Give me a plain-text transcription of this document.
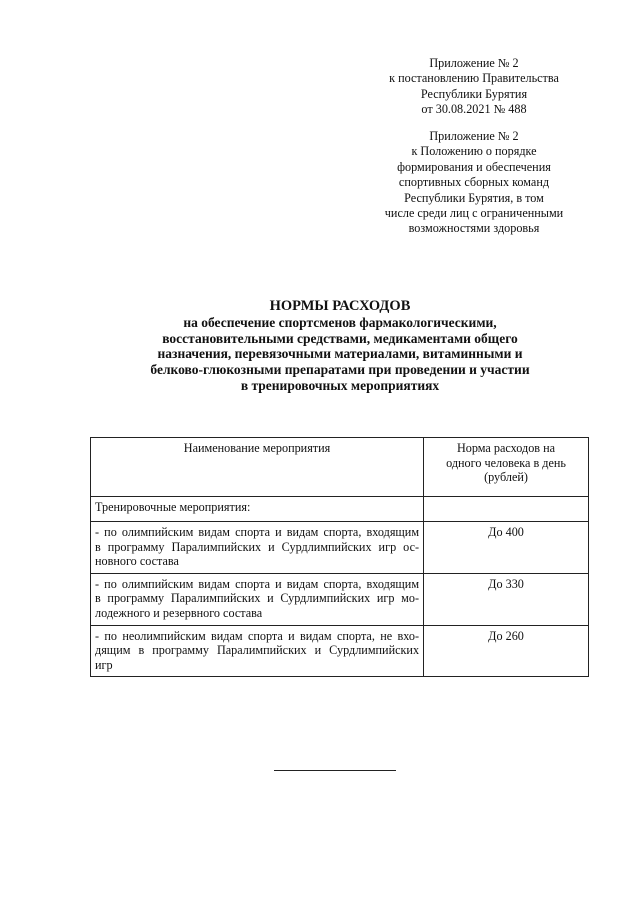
Приложение № 2
к постановлению Правительства
Республики Бурятия
от 30.08.2021 № 488
Приложение № 2
к Положению о порядке
формирования и обеспечения
спортивных сборных команд
Республики Бурятия, в том
числе среди лиц с ограниченными
возможностями здоровья
НОРМЫ РАСХОДОВ
на обеспечение спортсменов фармакологическими,
восстановительными средствами, медикаментами общего
назначения, перевязочными материалами, витаминными и
белково-глюкозными препаратами при проведении и участии
в тренировочных мероприятиях
Наименование мероприятия	Норма расходов на
одного человека в день
(рублей)

Тренировочные мероприятия:	

- по олимпийским видам спорта и видам спорта, входящим
в программу Паралимпийских и Сурдлимпийских игр ос-
новного состава	До 400

- по олимпийским видам спорта и видам спорта, входящим
в программу Паралимпийских и Сурдлимпийских игр мо-
лодежного и резервного состава	До 330

- по неолимпийским видам спорта и видам спорта, не вхо-
дящим в программу Паралимпийских и Сурдлимпийских
игр	До 260
